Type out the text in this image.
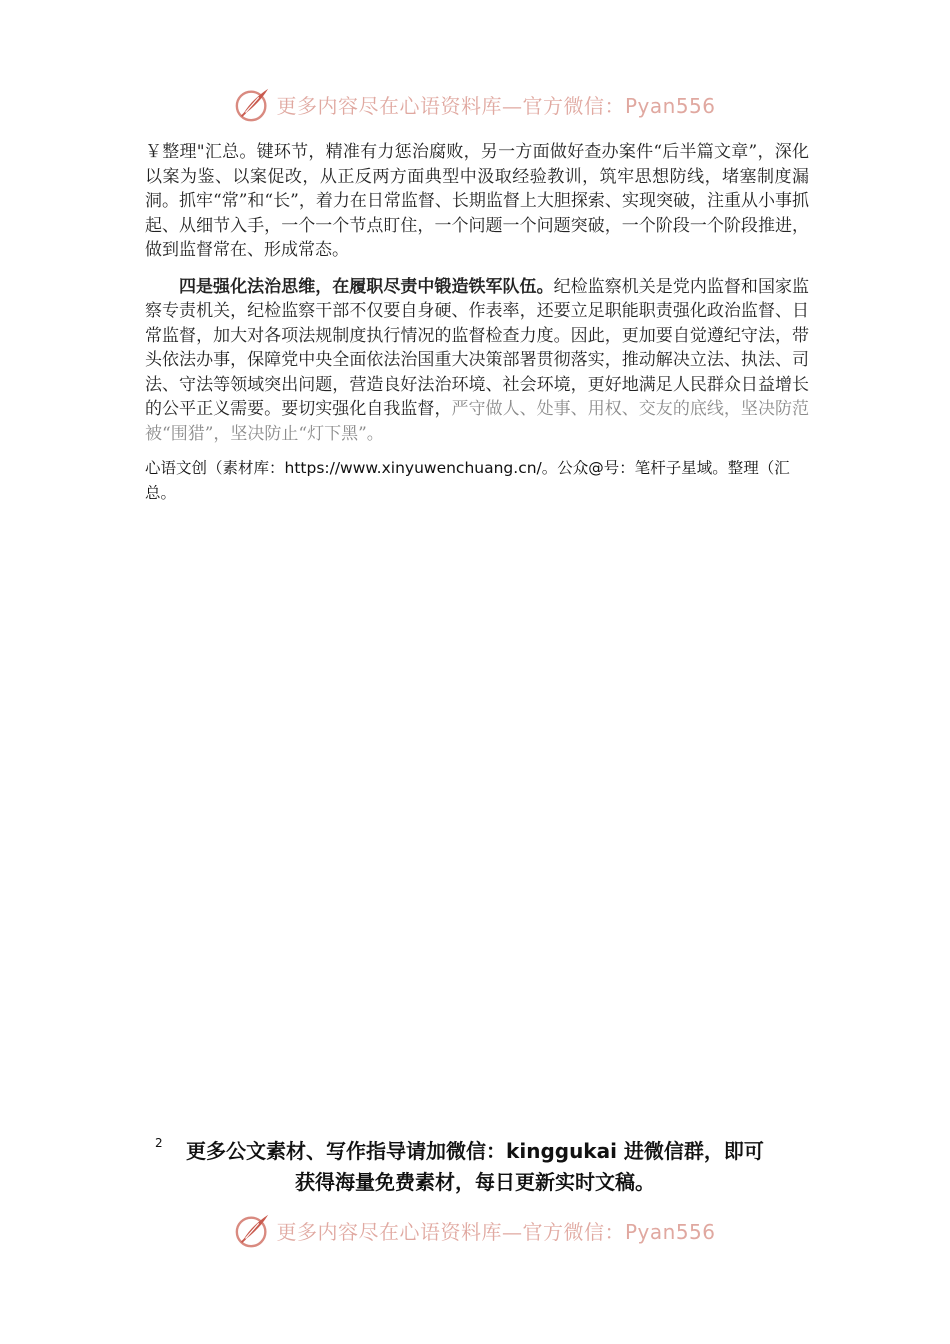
更多内容尽在心语资料库—官方微信：Pyan556

￥整理"汇总。键环节，精准有力惩治腐败，另一方面做好查办案件“后半篇文章”，深化以案为鉴、以案促改，从正反两方面典型中汲取经验教训，筑牢思想防线，堵塞制度漏洞。抓牢“常”和“长”，着力在日常监督、长期监督上大胆探索、实现突破，注重从小事抓起、从细节入手，一个一个节点盯住，一个问题一个问题突破，一个阶段一个阶段推进，做到监督常在、形成常态。

四是强化法治思维，在履职尽责中锻造铁军队伍。纪检监察机关是党内监督和国家监察专责机关，纪检监察干部不仅要自身硬、作表率，还要立足职能职责强化政治监督、日常监督，加大对各项法规制度执行情况的监督检查力度。因此，更加要自觉遵纪守法，带头依法办事，保障党中央全面依法治国重大决策部署贯彻落实，推动解决立法、执法、司法、守法等领域突出问题，营造良好法治环境、社会环境，更好地满足人民群众日益增长的公平正义需要。要切实强化自我监督，严守做人、处事、用权、交友的底线，坚决防范被“围猎”，坚决防止“灯下黑”。

心语文创（素材库：https://www.xinyuwenchuang.cn/。公众@号：笔杆子星域。整理（汇总。
2	更多公文素材、写作指导请加微信：kinggukai 进微信群，即可
获得海量免费素材，每日更新实时文稿。
更多内容尽在心语资料库—官方微信：Pyan556
